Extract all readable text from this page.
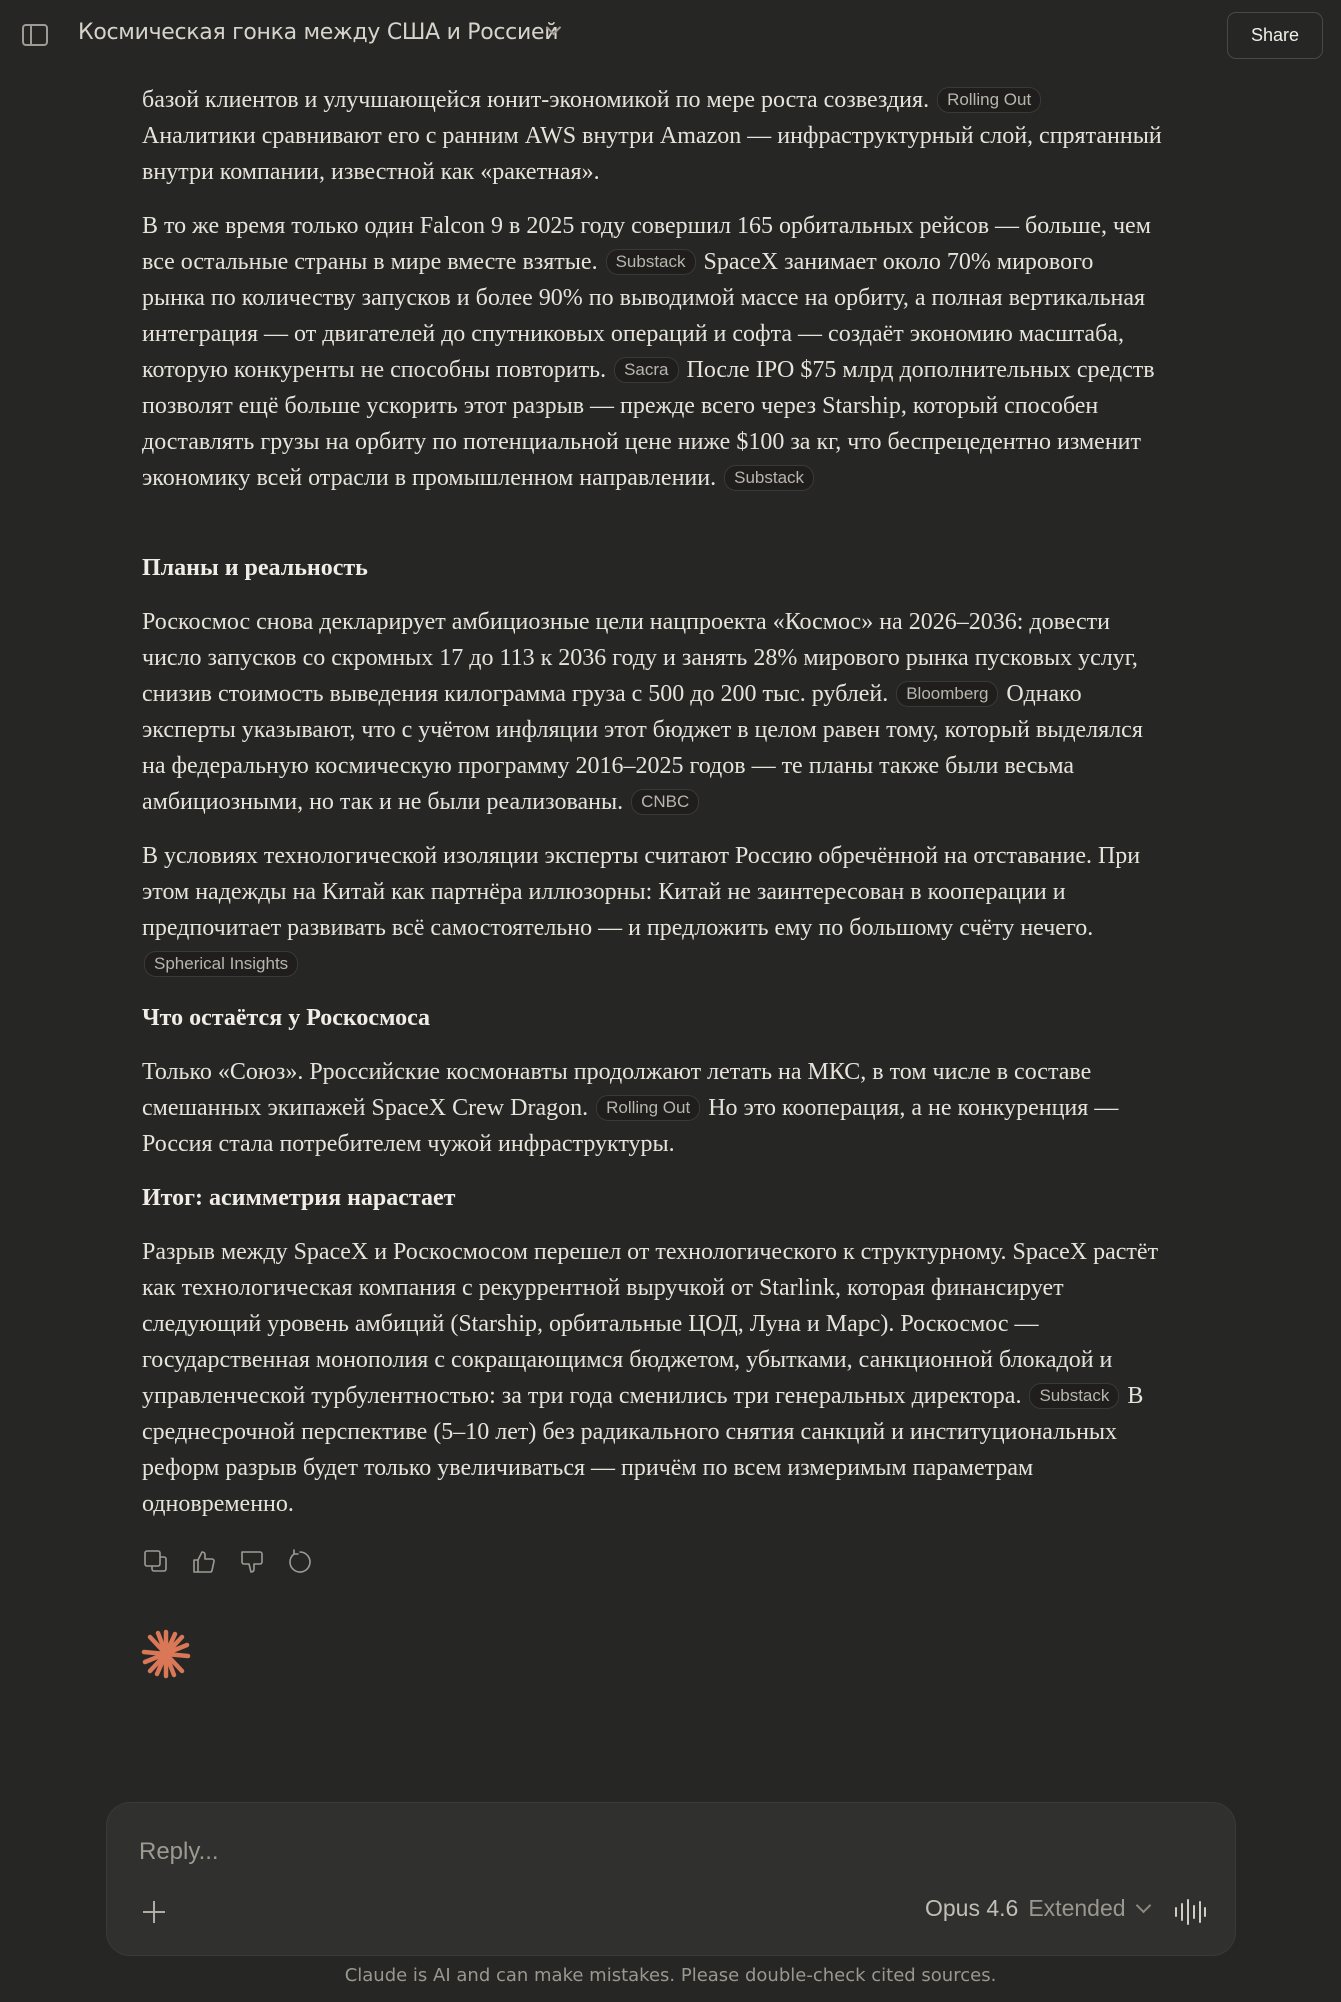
Космическая гонка между США и Россией	Share

базой клиентов и улучшающейся юнит-экономикой по мере роста созвездия. Rolling Out Аналитики сравнивают его с ранним AWS внутри Amazon — инфраструктурный слой, спрятанный внутри компании, известной как «ракетная».

В то же время только один Falcon 9 в 2025 году совершил 165 орбитальных рейсов — больше, чем все остальные страны в мире вместе взятые. Substack SpaceX занимает около 70% мирового рынка по количеству запусков и более 90% по выводимой массе на орбиту, а полная вертикальная интеграция — от двигателей до спутниковых операций и софта — создаёт экономию масштаба, которую конкуренты не способны повторить. Sacra После IPO $75 млрд дополнительных средств позволят ещё больше ускорить этот разрыв — прежде всего через Starship, который способен доставлять грузы на орбиту по потенциальной цене ниже $100 за кг, что беспрецедентно изменит экономику всей отрасли в промышленном направлении. Substack

Планы и реальность

Роскосмос снова декларирует амбициозные цели нацпроекта «Космос» на 2026–2036: довести число запусков со скромных 17 до 113 к 2036 году и занять 28% мирового рынка пусковых услуг, снизив стоимость выведения килограмма груза с 500 до 200 тыс. рублей. Bloomberg Однако эксперты указывают, что с учётом инфляции этот бюджет в целом равен тому, который выделялся на федеральную космическую программу 2016–2025 годов — те планы также были весьма амбициозными, но так и не были реализованы. CNBC

В условиях технологической изоляции эксперты считают Россию обречённой на отставание. При этом надежды на Китай как партнёра иллюзорны: Китай не заинтересован в кооперации и предпочитает развивать всё самостоятельно — и предложить ему по большому счёту нечего. Spherical Insights

Что остаётся у Роскосмоса

Только «Союз». Рроссийские космонавты продолжают летать на МКС, в том числе в составе смешанных экипажей SpaceX Crew Dragon. Rolling Out Но это кооперация, а не конкуренция — Россия стала потребителем чужой инфраструктуры.

Итог: асимметрия нарастает

Разрыв между SpaceX и Роскосмосом перешел от технологического к структурному. SpaceX растёт как технологическая компания с рекуррентной выручкой от Starlink, которая финансирует следующий уровень амбиций (Starship, орбитальные ЦОД, Луна и Марс). Роскосмос — государственная монополия с сокращающимся бюджетом, убытками, санкционной блокадой и управленческой турбулентностью: за три года сменились три генеральных директора. Substack В среднесрочной перспективе (5–10 лет) без радикального снятия санкций и институциональных реформ разрыв будет только увеличиваться — причём по всем измеримым параметрам одновременно.

Reply...
Opus 4.6 Extended
Claude is AI and can make mistakes. Please double-check cited sources.
